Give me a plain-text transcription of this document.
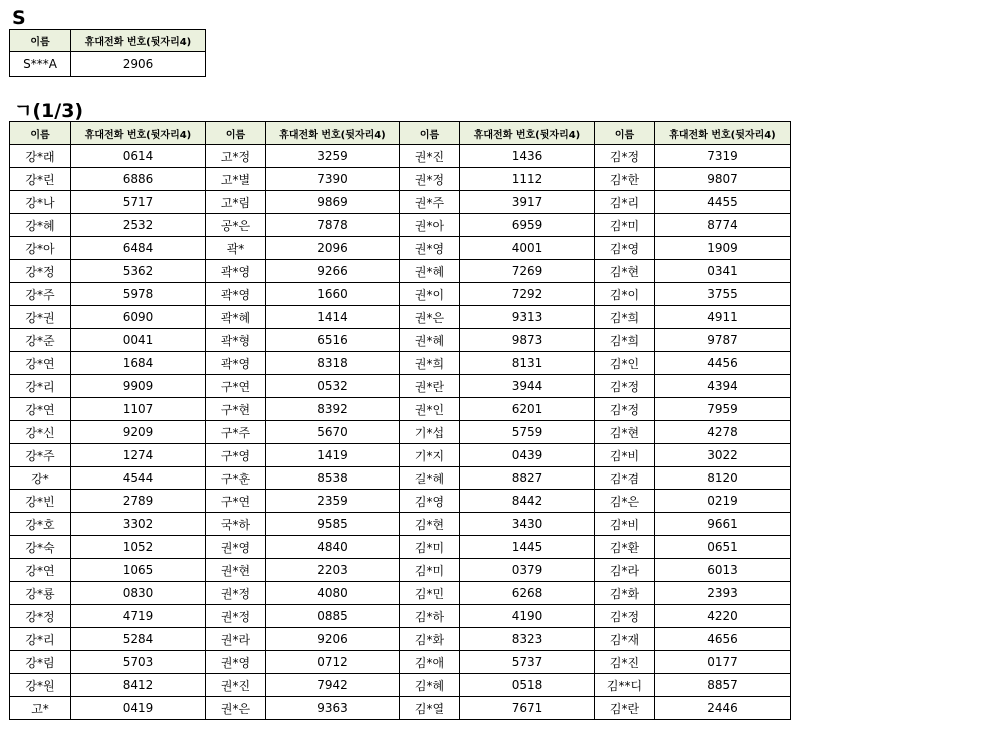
S
이름	휴대전화 번호(뒷자리4)
S***A	2906
ㄱ(1/3)
이름	휴대전화 번호(뒷자리4)	이름	휴대전화 번호(뒷자리4)	이름	휴대전화 번호(뒷자리4)	이름	휴대전화 번호(뒷자리4)
강*래	0614	고*정	3259	권*진	1436	김*정	7319
강*린	6886	고*별	7390	권*정	1112	김*한	9807
강*나	5717	고*림	9869	권*주	3917	김*리	4455
강*혜	2532	공*은	7878	권*아	6959	김*미	8774
강*아	6484	곽*	2096	권*영	4001	김*영	1909
강*정	5362	곽*영	9266	권*혜	7269	김*현	0341
강*주	5978	곽*영	1660	권*이	7292	김*이	3755
강*권	6090	곽*혜	1414	권*은	9313	김*희	4911
강*준	0041	곽*형	6516	권*혜	9873	김*희	9787
강*연	1684	곽*영	8318	권*희	8131	김*인	4456
강*리	9909	구*연	0532	권*란	3944	김*정	4394
강*연	1107	구*현	8392	권*인	6201	김*정	7959
강*신	9209	구*주	5670	기*섭	5759	김*현	4278
강*주	1274	구*영	1419	기*지	0439	김*비	3022
강*	4544	구*훈	8538	길*혜	8827	김*겸	8120
강*빈	2789	구*연	2359	김*영	8442	김*은	0219
강*호	3302	국*하	9585	김*현	3430	김*비	9661
강*숙	1052	권*영	4840	김*미	1445	김*환	0651
강*연	1065	권*현	2203	김*미	0379	김*라	6013
강*룡	0830	권*정	4080	김*민	6268	김*화	2393
강*정	4719	권*정	0885	김*하	4190	김*정	4220
강*리	5284	권*라	9206	김*화	8323	김*재	4656
강*림	5703	권*영	0712	김*애	5737	김*진	0177
강*원	8412	권*진	7942	김*혜	0518	김**디	8857
고*	0419	권*은	9363	김*열	7671	김*란	2446
